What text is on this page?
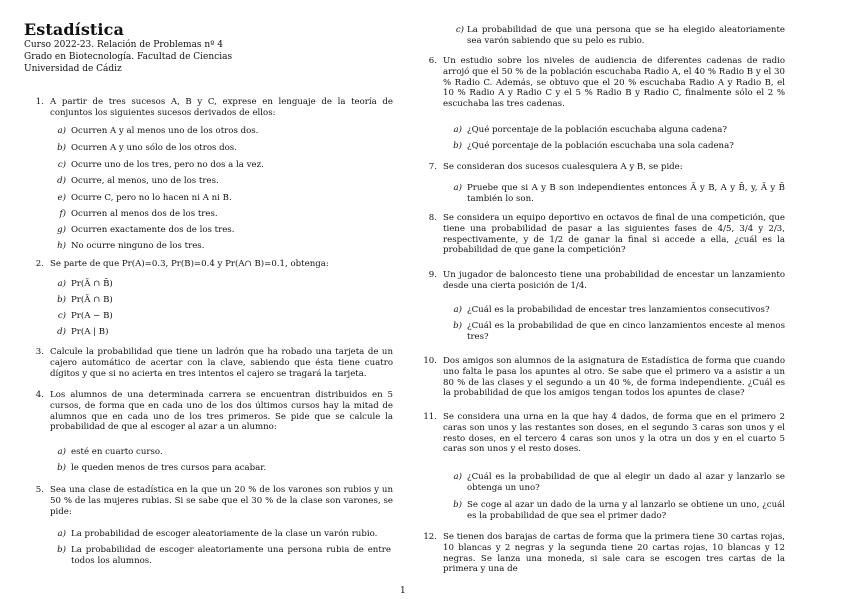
Estadística
Curso 2022-23. Relación de Problemas nº 4
Grado en Biotecnología. Facultad de Ciencias
Universidad de Cádiz
1. A partir de tres sucesos A, B y C, exprese en lenguaje de la teoría de conjuntos los siguientes sucesos derivados de ellos:
a) Ocurren A y al menos uno de los otros dos.
b) Ocurren A y uno sólo de los otros dos.
c) Ocurre uno de los tres, pero no dos a la vez.
d) Ocurre, al menos, uno de los tres.
e) Ocurre C, pero no lo hacen ni A ni B.
f) Ocurren al menos dos de los tres.
g) Ocurren exactamente dos de los tres.
h) No ocurre ninguno de los tres.
2. Se parte de que Pr(A)=0.3, Pr(B)=0.4 y Pr(A∩ B)=0.1, obtenga:
a) Pr(Ā ∩ B̄)
b) Pr(Ā ∩ B)
c) Pr(A − B)
d) Pr(A | B)
3. Calcule la probabilidad que tiene un ladrón que ha robado una tarjeta de un cajero automático de acertar con la clave, sabiendo que ésta tiene cuatro dígitos y que si no acierta en tres intentos el cajero se tragará la tarjeta.
4. Los alumnos de una determinada carrera se encuentran distribuidos en 5 cursos, de forma que en cada uno de los dos últimos cursos hay la mitad de alumnos que en cada uno de los tres primeros. Se pide que se calcule la probabilidad de que al escoger al azar a un alumno:
a) esté en cuarto curso.
b) le queden menos de tres cursos para acabar.
5. Sea una clase de estadística en la que un 20 % de los varones son rubios y un 50 % de las mujeres rubias. Si se sabe que el 30 % de la clase son varones, se pide:
a) La probabilidad de escoger aleatoriamente de la clase un varón rubio.
b) La probabilidad de escoger aleatoriamente una persona rubia de entre todos los alumnos.
c) La probabilidad de que una persona que se ha elegido aleatoriamente sea varón sabiendo que su pelo es rubio.
6. Un estudio sobre los niveles de audiencia de diferentes cadenas de radio arrojó que el 50 % de la población escuchaba Radio A, el 40 % Radio B y el 30 % Radio C. Además, se obtuvo que el 20 % escuchaba Radio A y Radio B, el 10 % Radio A y Radio C y el 5 % Radio B y Radio C, finalmente sólo el 2 % escuchaba las tres cadenas.
a) ¿Qué porcentaje de la población escuchaba alguna cadena?
b) ¿Qué porcentaje de la población escuchaba una sola cadena?
7. Se consideran dos sucesos cualesquiera A y B, se pide:
a) Pruebe que si A y B son independientes entonces Ā y B, A y B̄, y, Ā y B̄ también lo son.
8. Se considera un equipo deportivo en octavos de final de una competición, que tiene una probabilidad de pasar a las siguientes fases de 4/5, 3/4 y 2/3, respectivamente, y de 1/2 de ganar la final si accede a ella, ¿cuál es la probabilidad de que gane la competición?
9. Un jugador de baloncesto tiene una probabilidad de encestar un lanzamiento desde una cierta posición de 1/4.
a) ¿Cuál es la probabilidad de encestar tres lanzamientos consecutivos?
b) ¿Cuál es la probabilidad de que en cinco lanzamientos enceste al menos tres?
10. Dos amigos son alumnos de la asignatura de Estadística de forma que cuando uno falta le pasa los apuntes al otro. Se sabe que el primero va a asistir a un 80 % de las clases y el segundo a un 40 %, de forma independiente. ¿Cuál es la probabilidad de que los amigos tengan todos los apuntes de clase?
11. Se considera una urna en la que hay 4 dados, de forma que en el primero 2 caras son unos y las restantes son doses, en el segundo 3 caras son unos y el resto doses, en el tercero 4 caras son unos y la otra un dos y en el cuarto 5 caras son unos y el resto doses.
a) ¿Cuál es la probabilidad de que al elegir un dado al azar y lanzarlo se obtenga un uno?
b) Se coge al azar un dado de la urna y al lanzarlo se obtiene un uno, ¿cuál es la probabilidad de que sea el primer dado?
12. Se tienen dos barajas de cartas de forma que la primera tiene 30 cartas rojas, 10 blancas y 2 negras y la segunda tiene 20 cartas rojas, 10 blancas y 12 negras. Se lanza una moneda, si sale cara se escogen tres cartas de la primera y una de
1
